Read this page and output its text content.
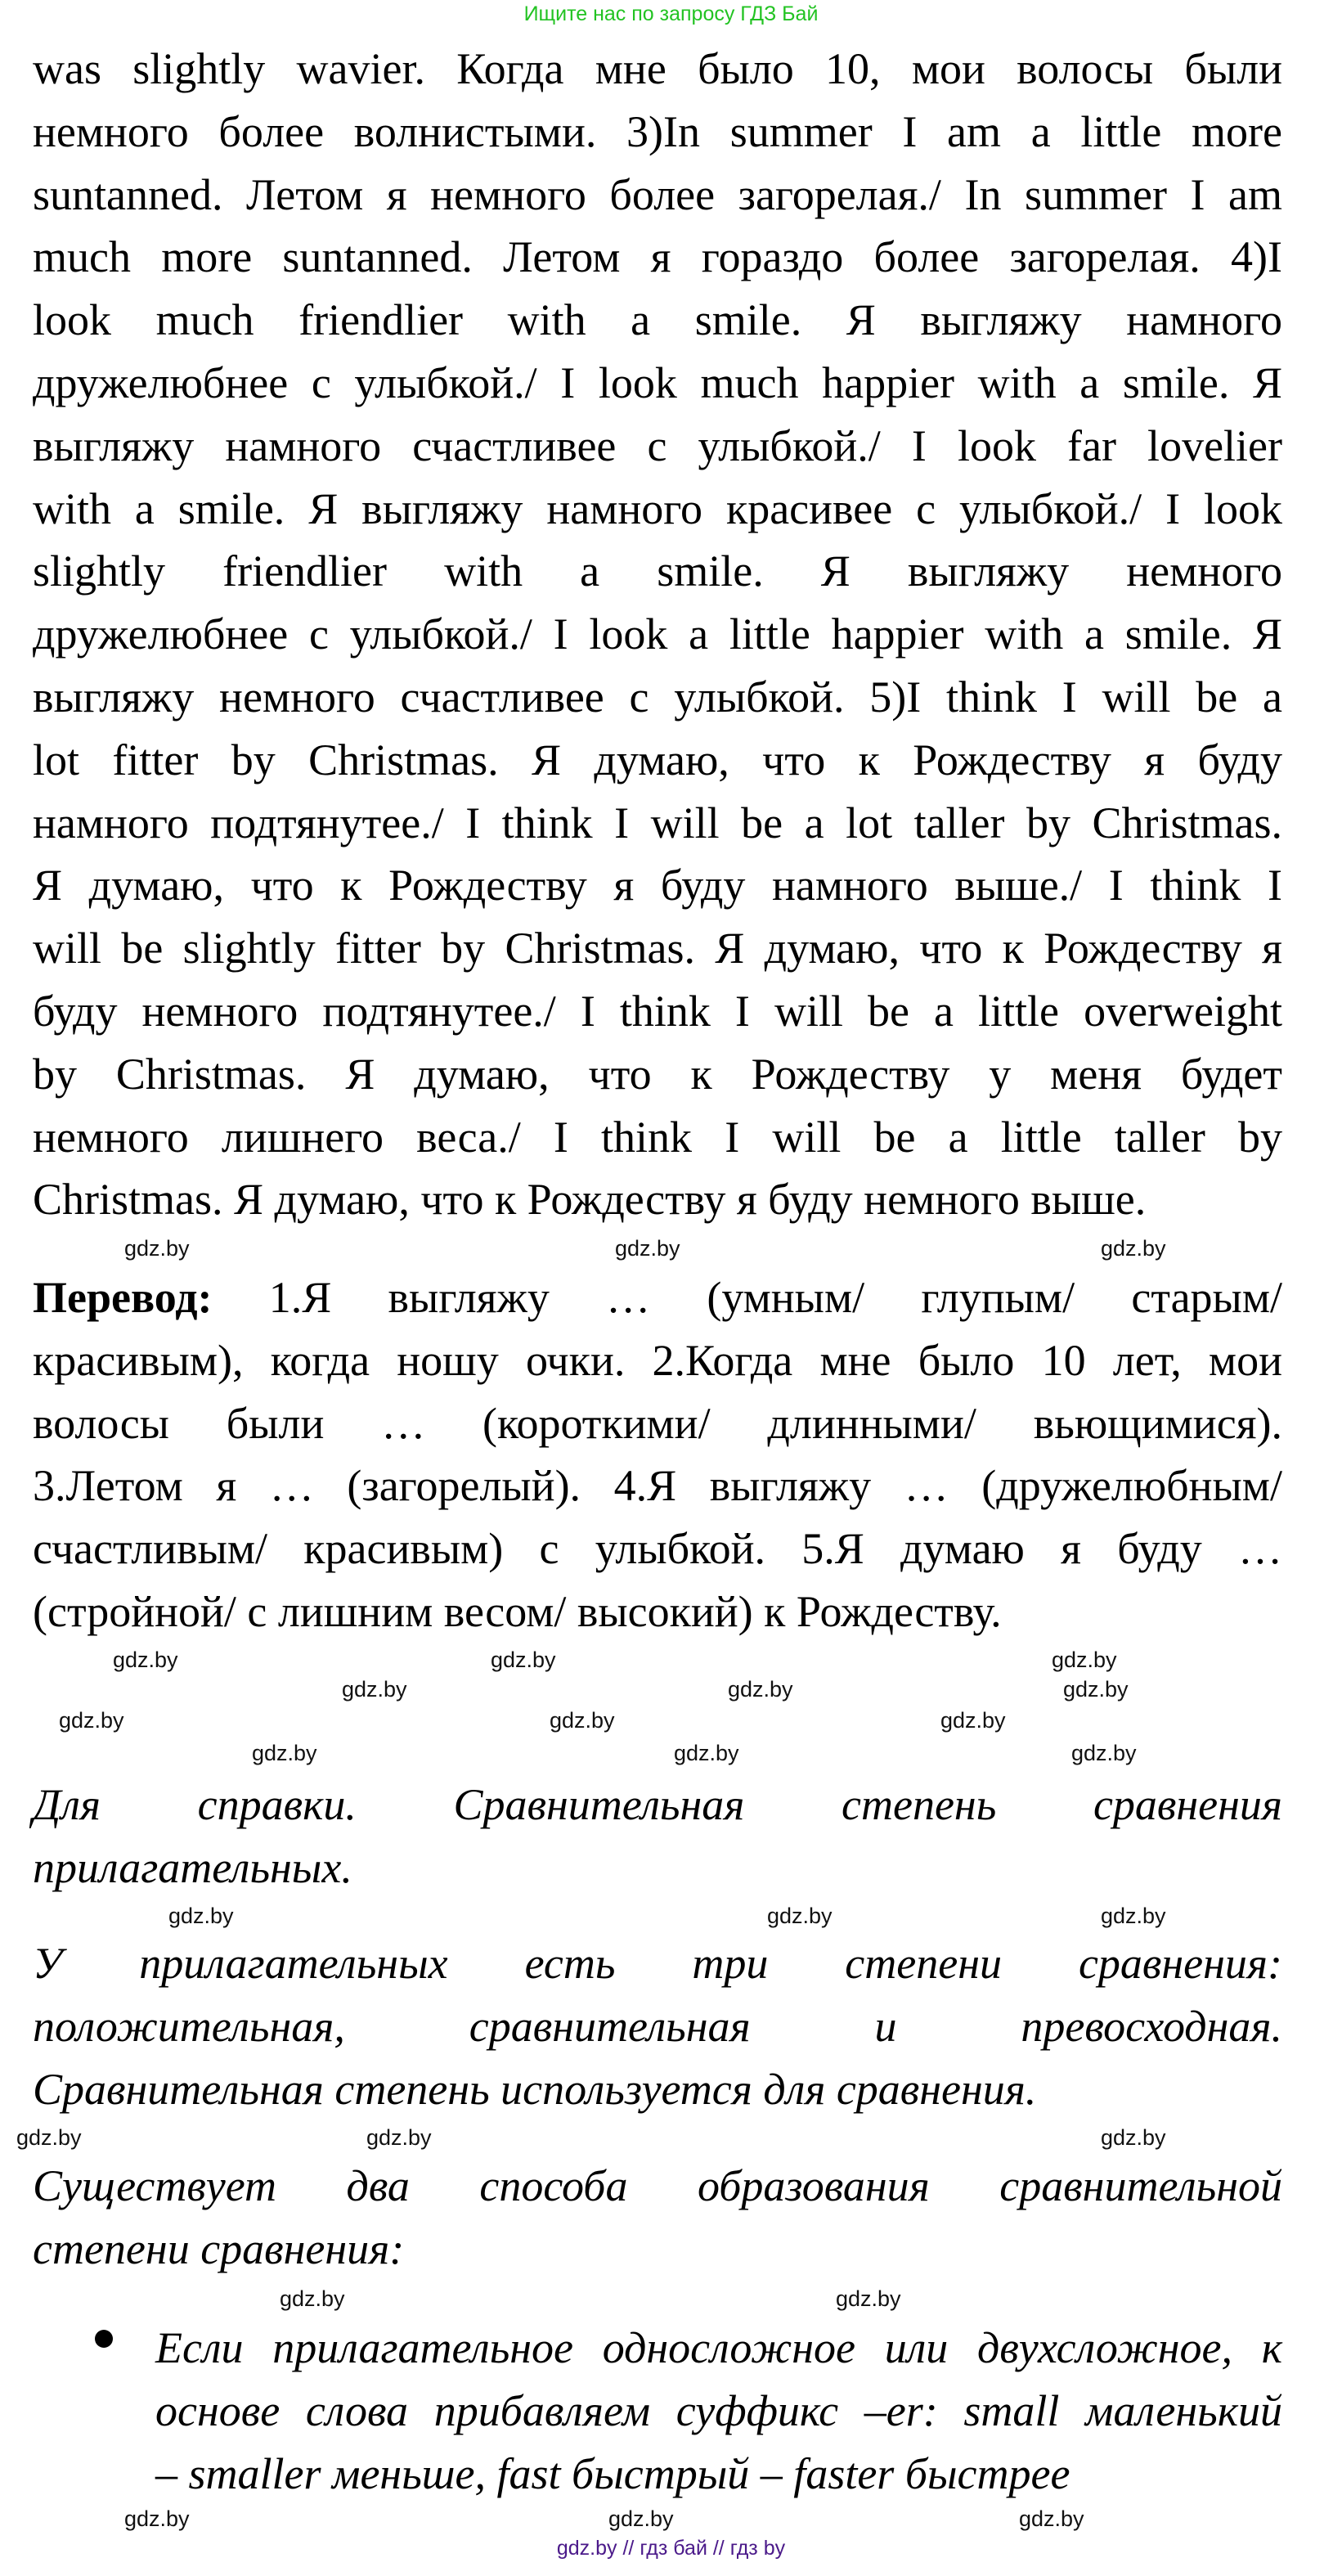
Ищите нас по запросу ГДЗ Бай
was slightly wavier. Когда мне было 10, мои волосы были
немного более волнистыми. 3)In summer I am a little more
suntanned. Летом я немного более загорелая./ In summer I am
much more suntanned. Летом я гораздо более загорелая. 4)I
look much friendlier with a smile. Я выгляжу намного
дружелюбнее с улыбкой./ I look much happier with a smile. Я
выгляжу намного счастливее с улыбкой./ I look far lovelier
with a smile. Я выгляжу намного красивее с улыбкой./ I look
slightly friendlier with a smile. Я выгляжу немного
дружелюбнее с улыбкой./ I look a little happier with a smile. Я
выгляжу немного счастливее с улыбкой. 5)I think I will be a
lot fitter by Christmas. Я думаю, что к Рождеству я буду
намного подтянутее./ I think I will be a lot taller by Christmas.
Я думаю, что к Рождеству я буду намного выше./ I think I
will be slightly fitter by Christmas. Я думаю, что к Рождеству я
буду немного подтянутее./ I think I will be a little overweight
by Christmas. Я думаю, что к Рождеству у меня будет
немного лишнего веса./ I think I will be a little taller by
Christmas. Я думаю, что к Рождеству я буду немного выше.
Перевод: 1.Я выгляжу … (умным/ глупым/ старым/
красивым), когда ношу очки. 2.Когда мне было 10 лет, мои
волосы были … (короткими/ длинными/ вьющимися).
3.Летом я … (загорелый). 4.Я выгляжу … (дружелюбным/
счастливым/ красивым) с улыбкой. 5.Я думаю я буду …
(стройной/ с лишним весом/ высокий) к Рождеству.
Для справки. Сравнительная степень сравнения
прилагательных.
У прилагательных есть три степени сравнения:
положительная, сравнительная и превосходная.
Сравнительная степень используется для сравнения.
Существует два способа образования сравнительной
степени сравнения:
Если прилагательное односложное или двухсложное, к
основе слова прибавляем суффикс –er: small маленький
– smaller меньше, fast быстрый – faster быстрее
gdz.by	gdz.by	gdz.by
gdz.by	gdz.by	gdz.by
gdz.by	gdz.by	gdz.by
gdz.by	gdz.by	gdz.by
gdz.by	gdz.by	gdz.by
gdz.by	gdz.by	gdz.by
gdz.by	gdz.by	gdz.by
gdz.by	gdz.by
gdz.by	gdz.by	gdz.by
gdz.by // гдз бай // гдз by
